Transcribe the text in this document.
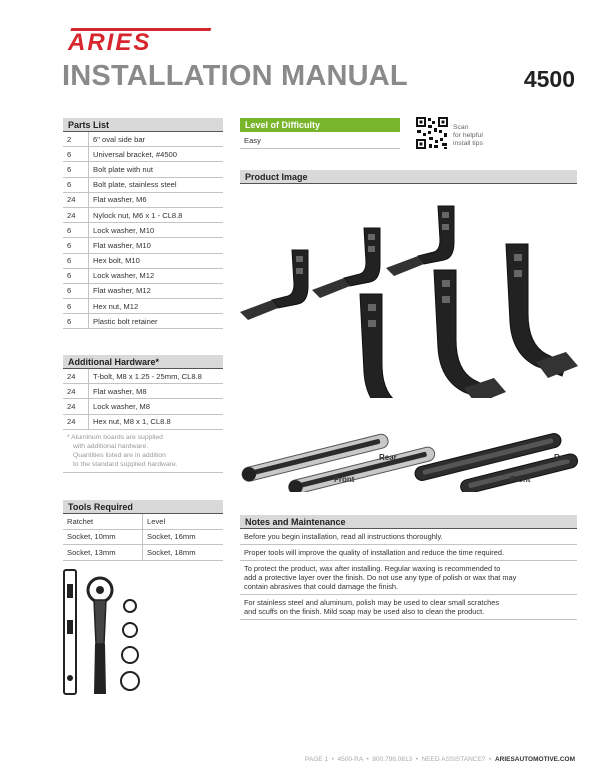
ARIES
INSTALLATION MANUAL	4500
Parts List
2	6" oval side bar
6	Universal bracket, #4500
6	Bolt plate with nut
6	Bolt plate, stainless steel
24	Flat washer, M6
24	Nylock nut, M6 x 1 - CL8.8
6	Lock washer, M10
6	Flat washer, M10
6	Hex bolt, M10
6	Lock washer, M12
6	Flat washer, M12
6	Hex nut, M12
6	Plastic bolt retainer
Additional Hardware*
24	T-bolt, M8 x 1.25 - 25mm, CL8.8
24	Flat washer, M8
24	Lock washer, M8
24	Hex nut, M8 x 1, CL8.8
* Aluminum boards are supplied
with additional hardware.
Quantities listed are in addition
to the standard supplied hardware.
Tools Required
Ratchet	Level
Socket, 10mm	Socket, 16mm
Socket, 13mm	Socket, 18mm
Level of Difficulty
Easy
Scan
for helpful
install tips
Product Image
Rear
Front
Rear
Front
Notes and Maintenance
Before you begin installation, read all instructions thoroughly.
Proper tools will improve the quality of installation and reduce the time required.
To protect the product, wax after installing. Regular waxing is recommended to
add a protective layer over the finish. Do not use any type of polish or wax that may
contain abrasives that could damage the finish.
For stainless steel and aluminum, polish may be used to clear small scratches
and scuffs on the finish. Mild soap may be used also to clean the product.
PAGE 1  •  4500-RA  •  800.798.0813  •  NEED ASSISTANCE?  •  ARIESAUTOMOTIVE.COM
